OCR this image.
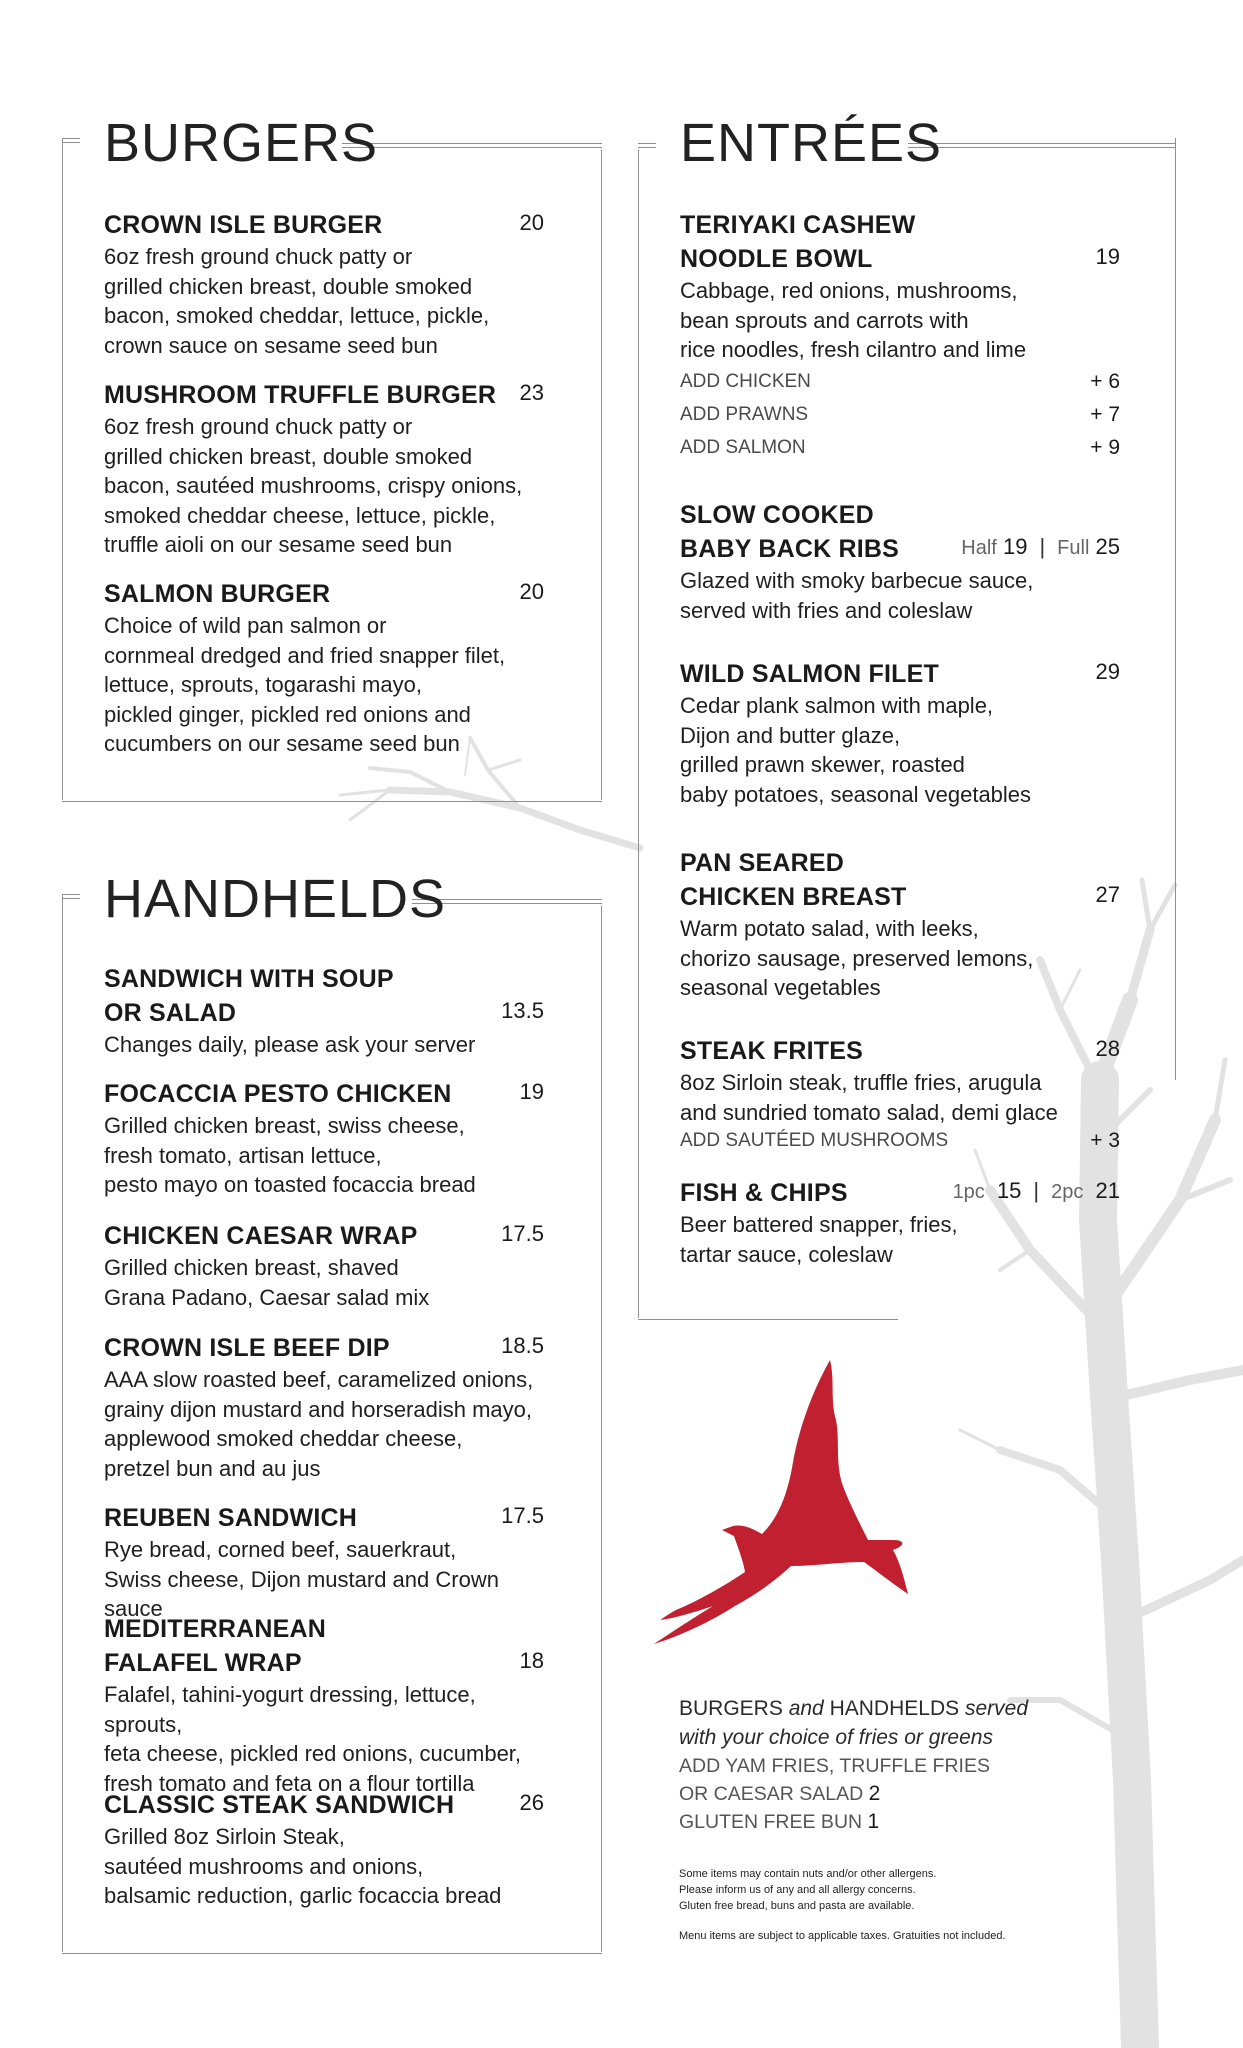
BURGERS
CROWN ISLE BURGER	20
6oz fresh ground chuck patty or
grilled chicken breast, double smoked
bacon, smoked cheddar, lettuce, pickle,
crown sauce on sesame seed bun
MUSHROOM TRUFFLE BURGER	23
6oz fresh ground chuck patty or
grilled chicken breast, double smoked
bacon, sautéed mushrooms, crispy onions,
smoked cheddar cheese, lettuce, pickle,
truffle aioli on our sesame seed bun
SALMON BURGER	20
Choice of wild pan salmon or
cornmeal dredged and fried snapper filet,
lettuce, sprouts, togarashi mayo,
pickled ginger, pickled red onions and
cucumbers on our sesame seed bun
HANDHELDS
SANDWICH WITH SOUP
OR SALAD	13.5
Changes daily, please ask your server
FOCACCIA PESTO CHICKEN	19
Grilled chicken breast, swiss cheese,
fresh tomato, artisan lettuce,
pesto mayo on toasted focaccia bread
CHICKEN CAESAR WRAP	17.5
Grilled chicken breast, shaved
Grana Padano, Caesar salad mix
CROWN ISLE BEEF DIP	18.5
AAA slow roasted beef, caramelized onions,
grainy dijon mustard and horseradish mayo,
applewood smoked cheddar cheese,
pretzel bun and au jus
REUBEN SANDWICH	17.5
Rye bread, corned beef, sauerkraut,
Swiss cheese, Dijon mustard and Crown sauce
MEDITERRANEAN
FALAFEL WRAP	18
Falafel, tahini-yogurt dressing, lettuce, sprouts,
feta cheese, pickled red onions, cucumber,
fresh tomato and feta on a flour tortilla
CLASSIC STEAK SANDWICH	26
Grilled 8oz Sirloin Steak,
sautéed mushrooms and onions,
balsamic reduction, garlic focaccia bread
ENTRÉES
TERIYAKI CASHEW
NOODLE BOWL	19
Cabbage, red onions, mushrooms,
bean sprouts and carrots with
rice noodles, fresh cilantro and lime
ADD CHICKEN	+ 6
ADD PRAWNS	+ 7
ADD SALMON	+ 9
SLOW COOKED
BABY BACK RIBS	Half 19 | Full 25
Glazed with smoky barbecue sauce,
served with fries and coleslaw
WILD SALMON FILET	29
Cedar plank salmon with maple,
Dijon and butter glaze,
grilled prawn skewer, roasted
baby potatoes, seasonal vegetables
PAN SEARED
CHICKEN BREAST	27
Warm potato salad, with leeks,
chorizo sausage, preserved lemons,
seasonal vegetables
STEAK FRITES	28
8oz Sirloin steak, truffle fries, arugula
and sundried tomato salad, demi glace
ADD SAUTÉED MUSHROOMS	+ 3
FISH & CHIPS	1pc 15 | 2pc 21
Beer battered snapper, fries,
tartar sauce, coleslaw
BURGERS and HANDHELDS served
with your choice of fries or greens
ADD YAM FRIES, TRUFFLE FRIES
OR CAESAR SALAD 2
GLUTEN FREE BUN 1
Some items may contain nuts and/or other allergens.
Please inform us of any and all allergy concerns.
Gluten free bread, buns and pasta are available.
Menu items are subject to applicable taxes. Gratuities not included.
